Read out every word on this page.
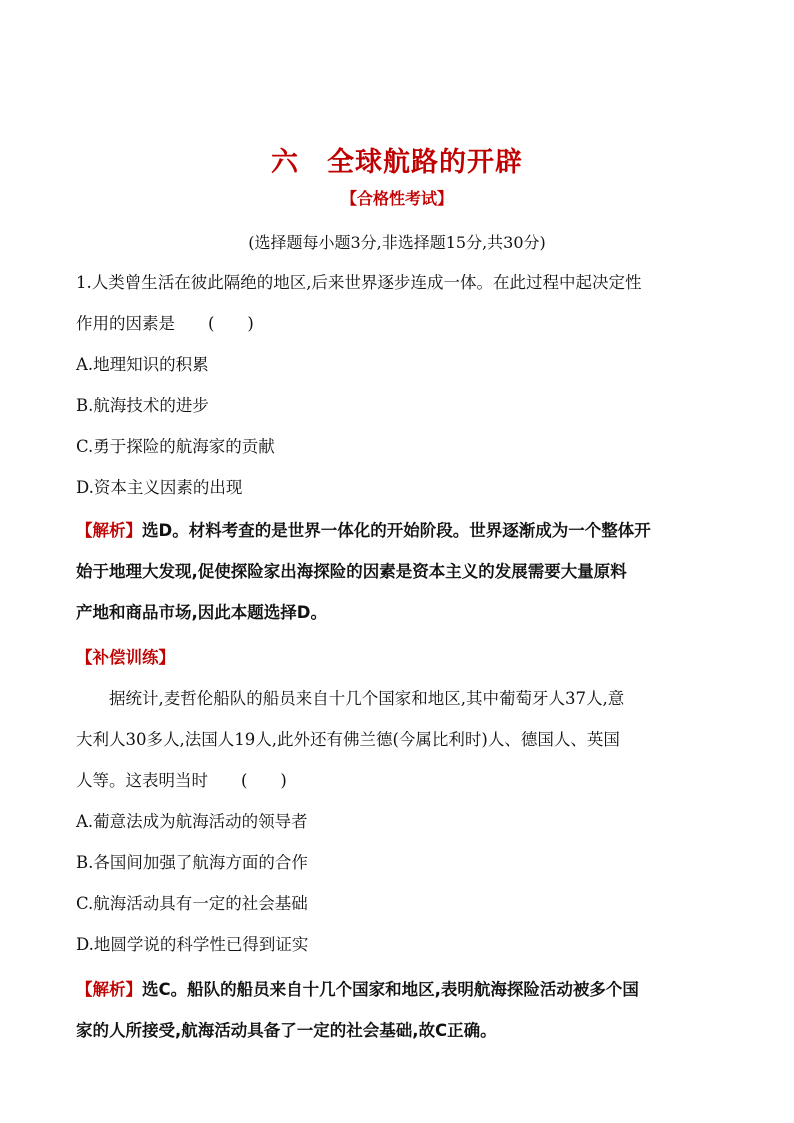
六 全球航路的开辟
【合格性考试】
(选择题每小题3分,非选择题15分,共30分)
1.人类曾生活在彼此隔绝的地区,后来世界逐步连成一体。在此过程中起决定性
作用的因素是　　(　　)
A.地理知识的积累
B.航海技术的进步
C.勇于探险的航海家的贡献
D.资本主义因素的出现
【解析】选D。材料考查的是世界一体化的开始阶段。世界逐渐成为一个整体开
始于地理大发现,促使探险家出海探险的因素是资本主义的发展需要大量原料
产地和商品市场,因此本题选择D。
【补偿训练】
据统计,麦哲伦船队的船员来自十几个国家和地区,其中葡萄牙人37人,意
大利人30多人,法国人19人,此外还有佛兰德(今属比利时)人、德国人、英国
人等。这表明当时　　(　　)
A.葡意法成为航海活动的领导者
B.各国间加强了航海方面的合作
C.航海活动具有一定的社会基础
D.地圆学说的科学性已得到证实
【解析】选C。船队的船员来自十几个国家和地区,表明航海探险活动被多个国
家的人所接受,航海活动具备了一定的社会基础,故C正确。
